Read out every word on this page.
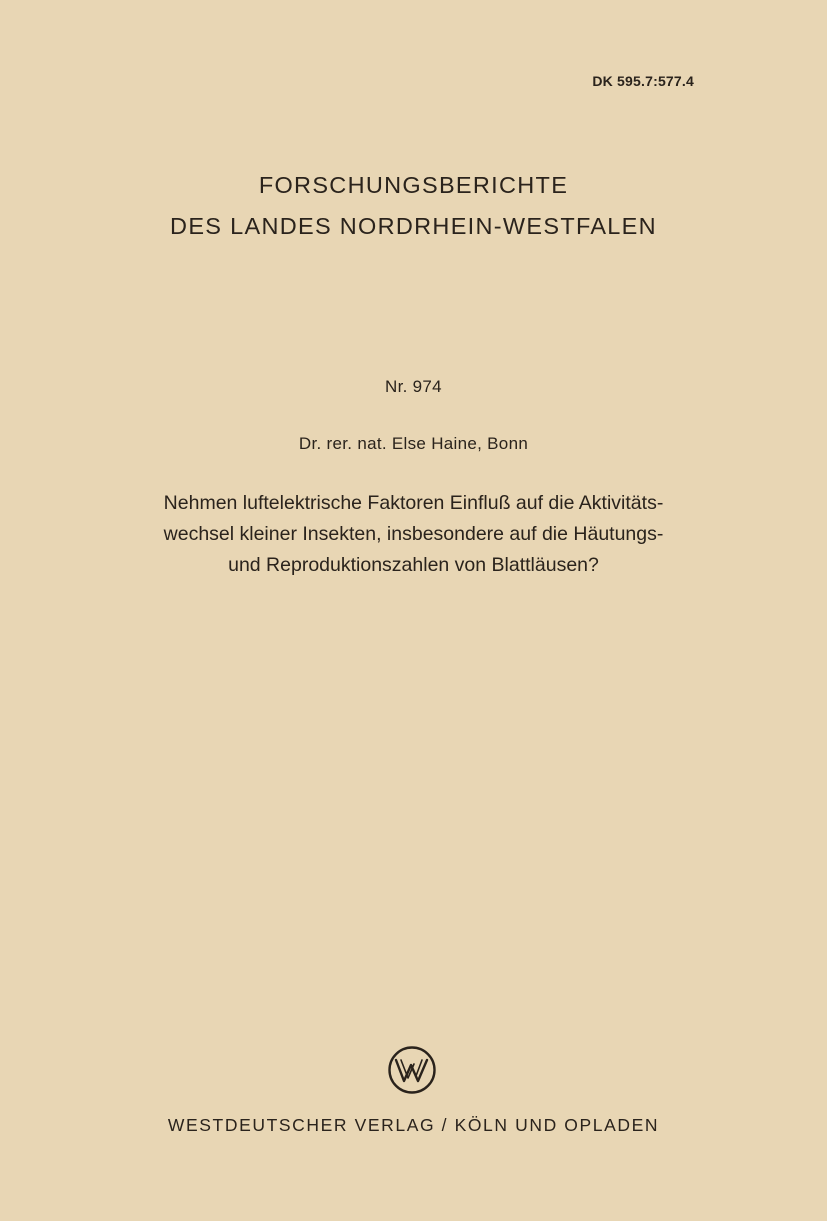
DK 595.7:577.4
FORSCHUNGSBERICHTE
DES LANDES NORDRHEIN-WESTFALEN
Nr. 974
Dr. rer. nat. Else Haine, Bonn
Nehmen luftelektrische Faktoren Einfluß auf die Aktivitäts-
wechsel kleiner Insekten, insbesondere auf die Häutungs-
und Reproduktionszahlen von Blattläusen?
WESTDEUTSCHER VERLAG / KÖLN UND OPLADEN
